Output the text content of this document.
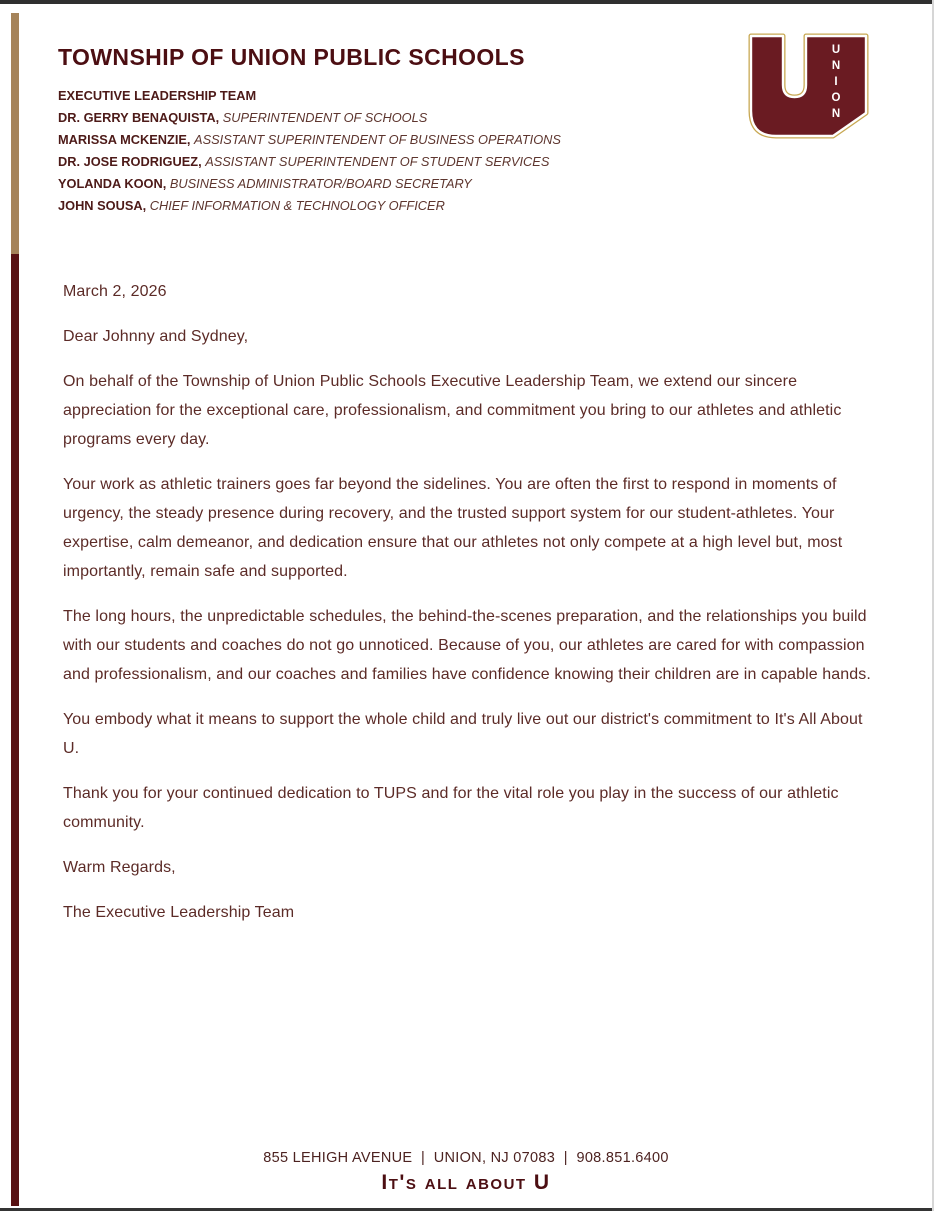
TOWNSHIP OF UNION PUBLIC SCHOOLS
EXECUTIVE LEADERSHIP TEAM
DR. GERRY BENAQUISTA, SUPERINTENDENT OF SCHOOLS
MARISSA MCKENZIE, ASSISTANT SUPERINTENDENT OF BUSINESS OPERATIONS
DR. JOSE RODRIGUEZ, ASSISTANT SUPERINTENDENT OF STUDENT SERVICES
YOLANDA KOON, BUSINESS ADMINISTRATOR/BOARD SECRETARY
JOHN SOUSA, CHIEF INFORMATION & TECHNOLOGY OFFICER
UNION

March 2, 2026

Dear Johnny and Sydney,

On behalf of the Township of Union Public Schools Executive Leadership Team, we extend our sincere appreciation for the exceptional care, professionalism, and commitment you bring to our athletes and athletic programs every day.

Your work as athletic trainers goes far beyond the sidelines. You are often the first to respond in moments of urgency, the steady presence during recovery, and the trusted support system for our student-athletes. Your expertise, calm demeanor, and dedication ensure that our athletes not only compete at a high level but, most importantly, remain safe and supported.

The long hours, the unpredictable schedules, the behind-the-scenes preparation, and the relationships you build with our students and coaches do not go unnoticed. Because of you, our athletes are cared for with compassion and professionalism, and our coaches and families have confidence knowing their children are in capable hands.

You embody what it means to support the whole child and truly live out our district's commitment to It's All About U.

Thank you for your continued dedication to TUPS and for the vital role you play in the success of our athletic community.

Warm Regards,

The Executive Leadership Team

855 LEHIGH AVENUE  |  UNION, NJ 07083  |  908.851.6400
It's all about U
